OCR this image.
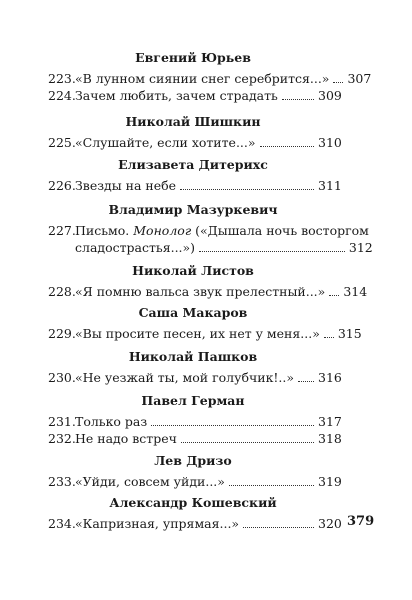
Евгений Юрьев
223. «В лунном сиянии снег серебрится...» 307
224. Зачем любить, зачем страдать	309
Николай Шишкин
225. «Слушайте, если хотите...»	310
Елизавета Дитерихс
226. Звезды на небе	311
Владимир Мазуркевич
227. Письмо. Монолог («Дышала ночь восторгом
сладострастья...»)	312
Николай Листов
228. «Я помню вальса звук прелестный...» 314
Саша Макаров
229. «Вы просите песен, их нет у меня...» 315
Николай Пашков
230. «Не уезжай ты, мой голубчик!..» 316
Павел Герман
231. Только раз	317
232. Не надо встреч	318
Лев Дризо
233. «Уйди, совсем уйди...»	319
Александр Кошевский
234. «Капризная, упрямая...»	320 379
